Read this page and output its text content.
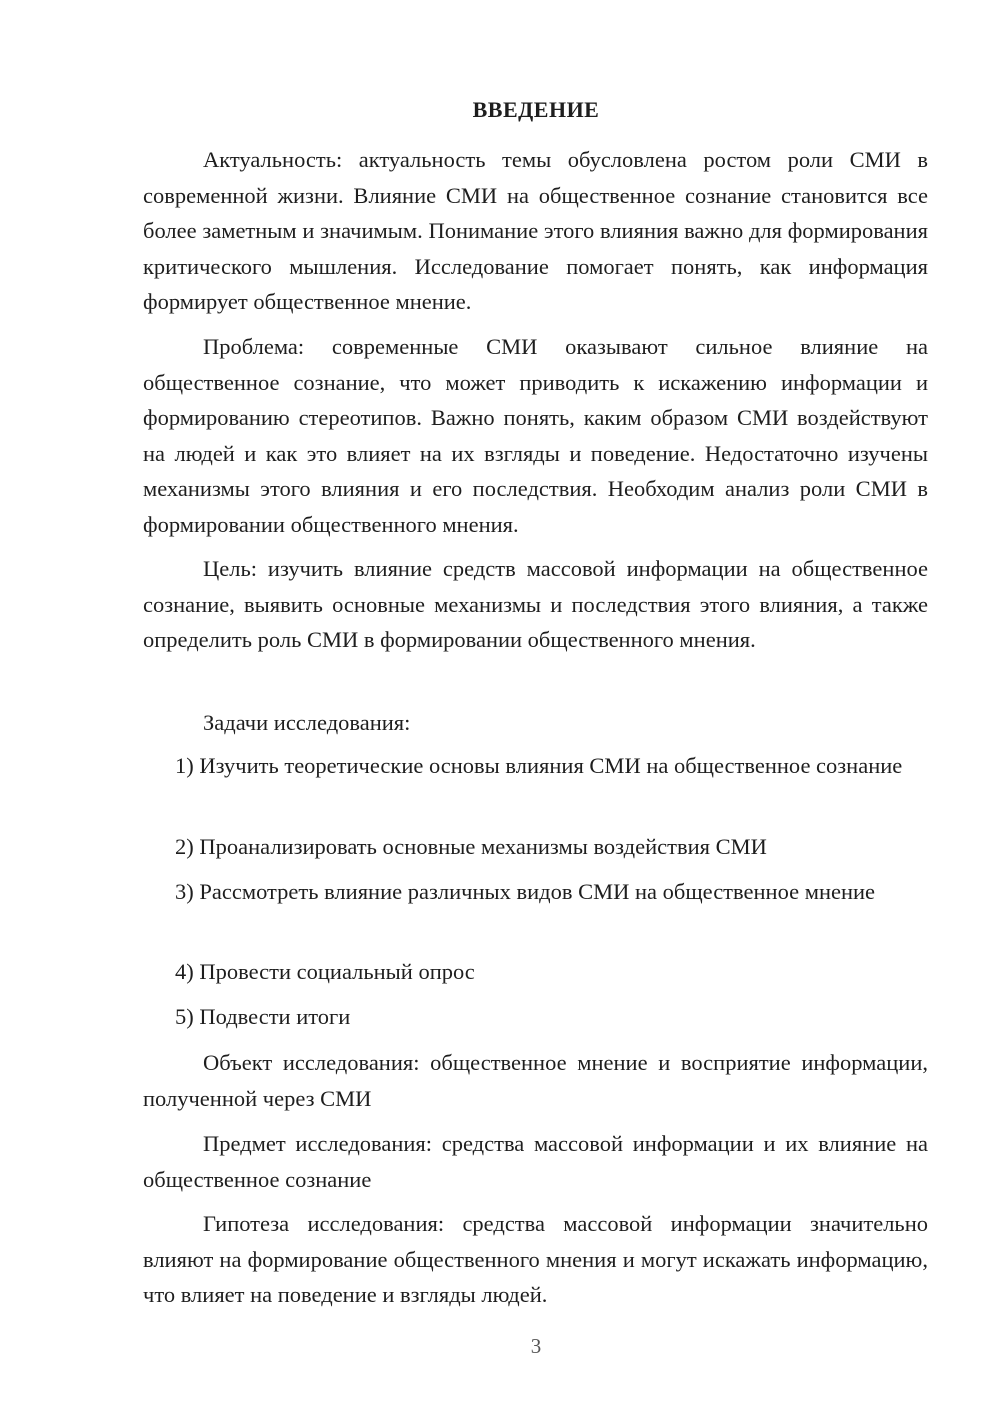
ВВЕДЕНИЕ

Актуальность: актуальность темы обусловлена ростом роли СМИ в современной жизни. Влияние СМИ на общественное сознание становится все более заметным и значимым. Понимание этого влияния важно для формирования критического мышления. Исследование помогает понять, как информация формирует общественное мнение.

Проблема: современные СМИ оказывают сильное влияние на общественное сознание, что может приводить к искажению информации и формированию стереотипов. Важно понять, каким образом СМИ воздействуют на людей и как это влияет на их взгляды и поведение. Недостаточно изучены механизмы этого влияния и его последствия. Необходим анализ роли СМИ в формировании общественного мнения.

Цель: изучить влияние средств массовой информации на общественное сознание, выявить основные механизмы и последствия этого влияния, а также определить роль СМИ в формировании общественного мнения.

Задачи исследования:

1) Изучить теоретические основы влияния СМИ на общественное сознание

2) Проанализировать основные механизмы воздействия СМИ

3) Рассмотреть влияние различных видов СМИ на общественное мнение

4) Провести социальный опрос

5) Подвести итоги

Объект исследования: общественное мнение и восприятие информации, полученной через СМИ

Предмет исследования: средства массовой информации и их влияние на общественное сознание

Гипотеза исследования: средства массовой информации значительно влияют на формирование общественного мнения и могут искажать информацию, что влияет на поведение и взгляды людей.

3
